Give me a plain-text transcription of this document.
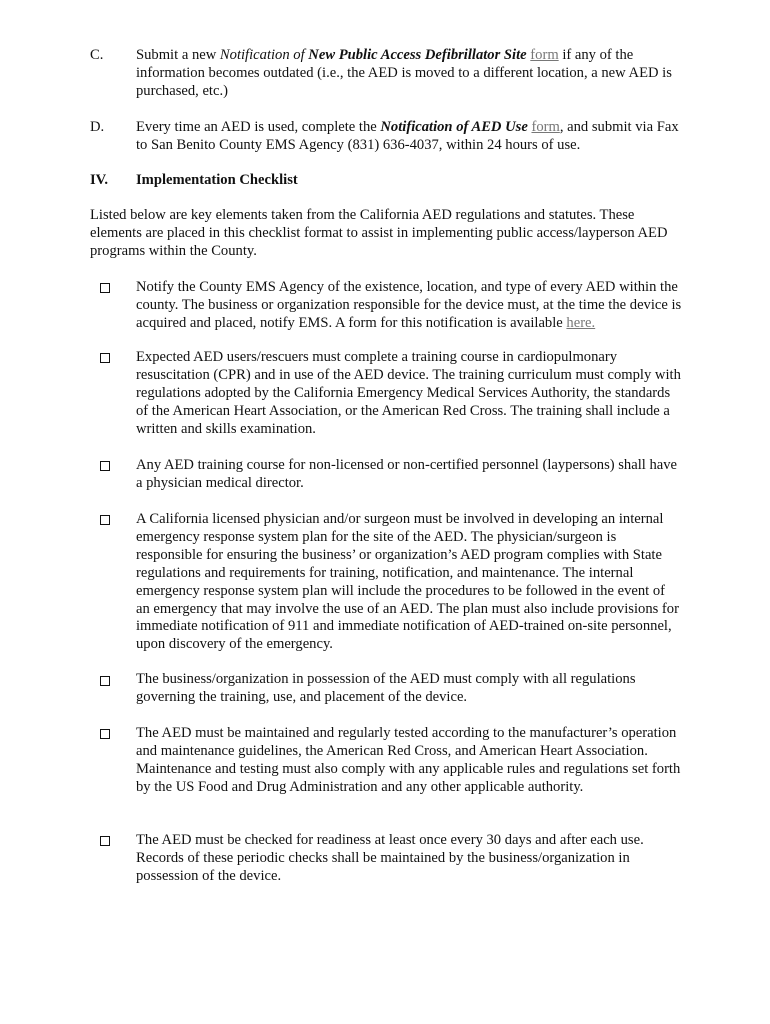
C. Submit a new Notification of New Public Access Defibrillator Site form if any of the information becomes outdated (i.e., the AED is moved to a different location, a new AED is purchased, etc.)
D. Every time an AED is used, complete the Notification of AED Use form, and submit via Fax to San Benito County EMS Agency (831) 636-4037, within 24 hours of use.
IV. Implementation Checklist
Listed below are key elements taken from the California AED regulations and statutes. These elements are placed in this checklist format to assist in implementing public access/layperson AED programs within the County.
Notify the County EMS Agency of the existence, location, and type of every AED within the county. The business or organization responsible for the device must, at the time the device is acquired and placed, notify EMS. A form for this notification is available here.
Expected AED users/rescuers must complete a training course in cardiopulmonary resuscitation (CPR) and in use of the AED device. The training curriculum must comply with regulations adopted by the California Emergency Medical Services Authority, the standards of the American Heart Association, or the American Red Cross. The training shall include a written and skills examination.
Any AED training course for non-licensed or non-certified personnel (laypersons) shall have a physician medical director.
A California licensed physician and/or surgeon must be involved in developing an internal emergency response system plan for the site of the AED. The physician/surgeon is responsible for ensuring the business’ or organization’s AED program complies with State regulations and requirements for training, notification, and maintenance. The internal emergency response system plan will include the procedures to be followed in the event of an emergency that may involve the use of an AED. The plan must also include provisions for immediate notification of 911 and immediate notification of AED-trained on-site personnel, upon discovery of the emergency.
The business/organization in possession of the AED must comply with all regulations governing the training, use, and placement of the device.
The AED must be maintained and regularly tested according to the manufacturer’s operation and maintenance guidelines, the American Red Cross, and American Heart Association. Maintenance and testing must also comply with any applicable rules and regulations set forth by the US Food and Drug Administration and any other applicable authority.
The AED must be checked for readiness at least once every 30 days and after each use. Records of these periodic checks shall be maintained by the business/organization in possession of the device.
